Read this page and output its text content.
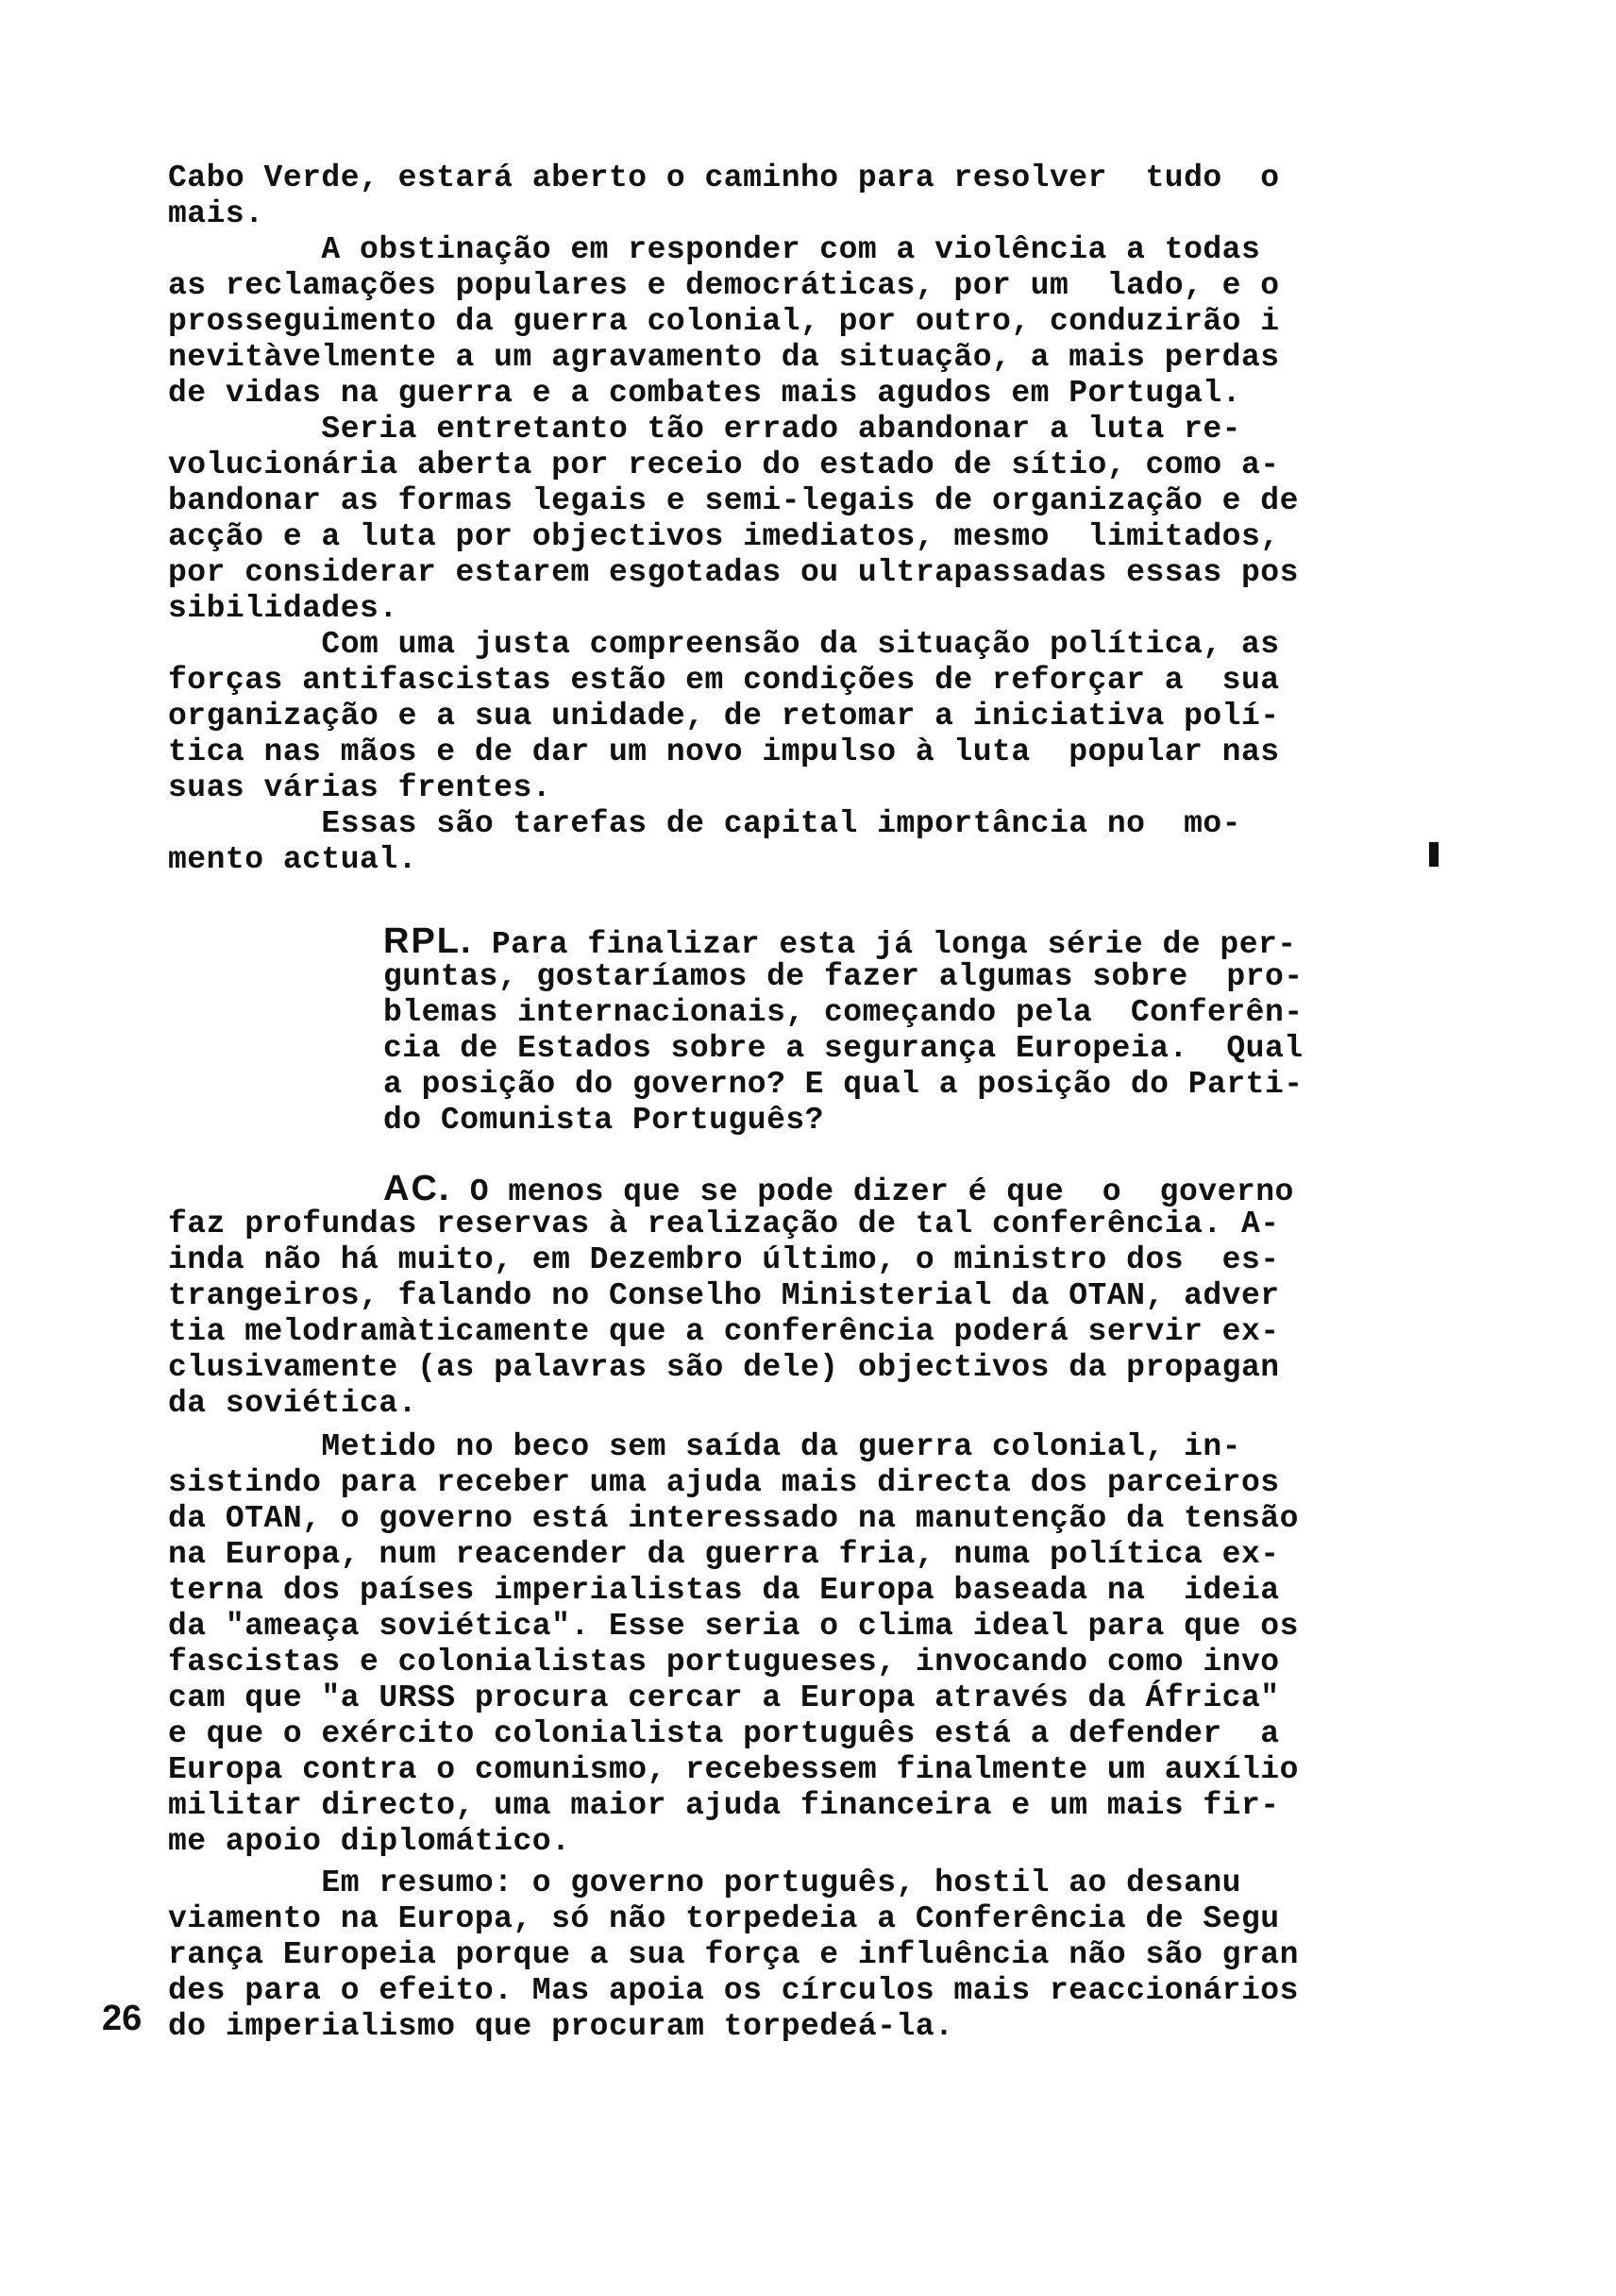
Cabo Verde, estará aberto o caminho para resolver  tudo  o
mais.
A obstinação em responder com a violência a todas
as reclamações populares e democráticas, por um  lado, e o
prosseguimento da guerra colonial, por outro, conduzirão i
nevitàvelmente a um agravamento da situação, a mais perdas
de vidas na guerra e a combates mais agudos em Portugal.
Seria entretanto tão errado abandonar a luta re-
volucionária aberta por receio do estado de sítio, como a-
bandonar as formas legais e semi-legais de organização e de
acção e a luta por objectivos imediatos, mesmo  limitados,
por considerar estarem esgotadas ou ultrapassadas essas pos
sibilidades.
Com uma justa compreensão da situação política, as
forças antifascistas estão em condições de reforçar a  sua
organização e a sua unidade, de retomar a iniciativa polí-
tica nas mãos e de dar um novo impulso à luta  popular nas
suas várias frentes.
Essas são tarefas de capital importância no  mo-
mento actual.
RPL. Para finalizar esta já longa série de per-
guntas, gostaríamos de fazer algumas sobre  pro-
blemas internacionais, começando pela  Conferên-
cia de Estados sobre a segurança Europeia.  Qual
a posição do governo? E qual a posição do Parti-
do Comunista Português?
AC. O menos que se pode dizer é que  o  governo
faz profundas reservas à realização de tal conferência. A-
inda não há muito, em Dezembro último, o ministro dos  es-
trangeiros, falando no Conselho Ministerial da OTAN, adver
tia melodramàticamente que a conferência poderá servir ex-
clusivamente (as palavras são dele) objectivos da propagan
da soviética.
Metido no beco sem saída da guerra colonial, in-
sistindo para receber uma ajuda mais directa dos parceiros
da OTAN, o governo está interessado na manutenção da tensão
na Europa, num reacender da guerra fria, numa política ex-
terna dos países imperialistas da Europa baseada na  ideia
da "ameaça soviética". Esse seria o clima ideal para que os
fascistas e colonialistas portugueses, invocando como invo
cam que "a URSS procura cercar a Europa através da África"
e que o exército colonialista português está a defender  a
Europa contra o comunismo, recebessem finalmente um auxílio
militar directo, uma maior ajuda financeira e um mais fir-
me apoio diplomático.
Em resumo: o governo português, hostil ao desanu
viamento na Europa, só não torpedeia a Conferência de Segu
rança Europeia porque a sua força e influência não são gran
des para o efeito. Mas apoia os círculos mais reaccionários
do imperialismo que procuram torpedeá-la.
26
